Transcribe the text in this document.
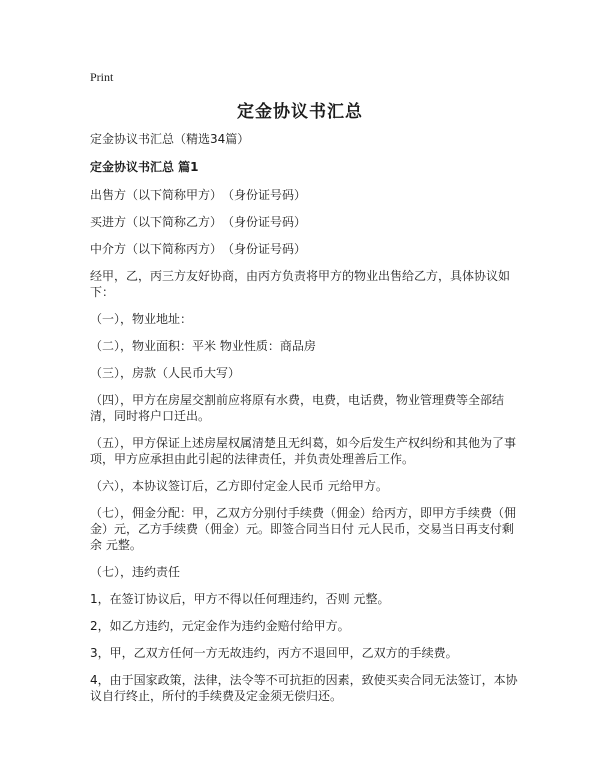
Print
定金协议书汇总

定金协议书汇总（精选34篇）

定金协议书汇总 篇1

出售方（以下简称甲方）　（身份证号码）

买进方（以下简称乙方）　（身份证号码）

中介方（以下简称丙方）　（身份证号码）

经甲，乙，丙三方友好协商，由丙方负责将甲方的物业出售给乙方，具体协议如下：

（一），物业地址：

（二），物业面积：平米 物业性质：商品房

（三），房款（人民币大写）

（四），甲方在房屋交割前应将原有水费，电费，电话费，物业管理费等全部结清，同时将户口迁出。

（五），甲方保证上述房屋权属清楚且无纠葛，如今后发生产权纠纷和其他为了事项，甲方应承担由此引起的法律责任，并负责处理善后工作。

（六），本协议签订后，乙方即付定金人民币 元给甲方。

（七），佣金分配：甲，乙双方分别付手续费（佣金）给丙方，即甲方手续费（佣金）元，乙方手续费（佣金）元。即签合同当日付 元人民币，交易当日再支付剩余 元整。

（七），违约责任

1，在签订协议后，甲方不得以任何理违约，否则 元整。

2，如乙方违约，元定金作为违约金赔付给甲方。

3，甲，乙双方任何一方无故违约，丙方不退回甲，乙双方的手续费。

4，由于国家政策，法律，法令等不可抗拒的因素，致使买卖合同无法签订，本协议自行终止，所付的手续费及定金须无偿归还。
